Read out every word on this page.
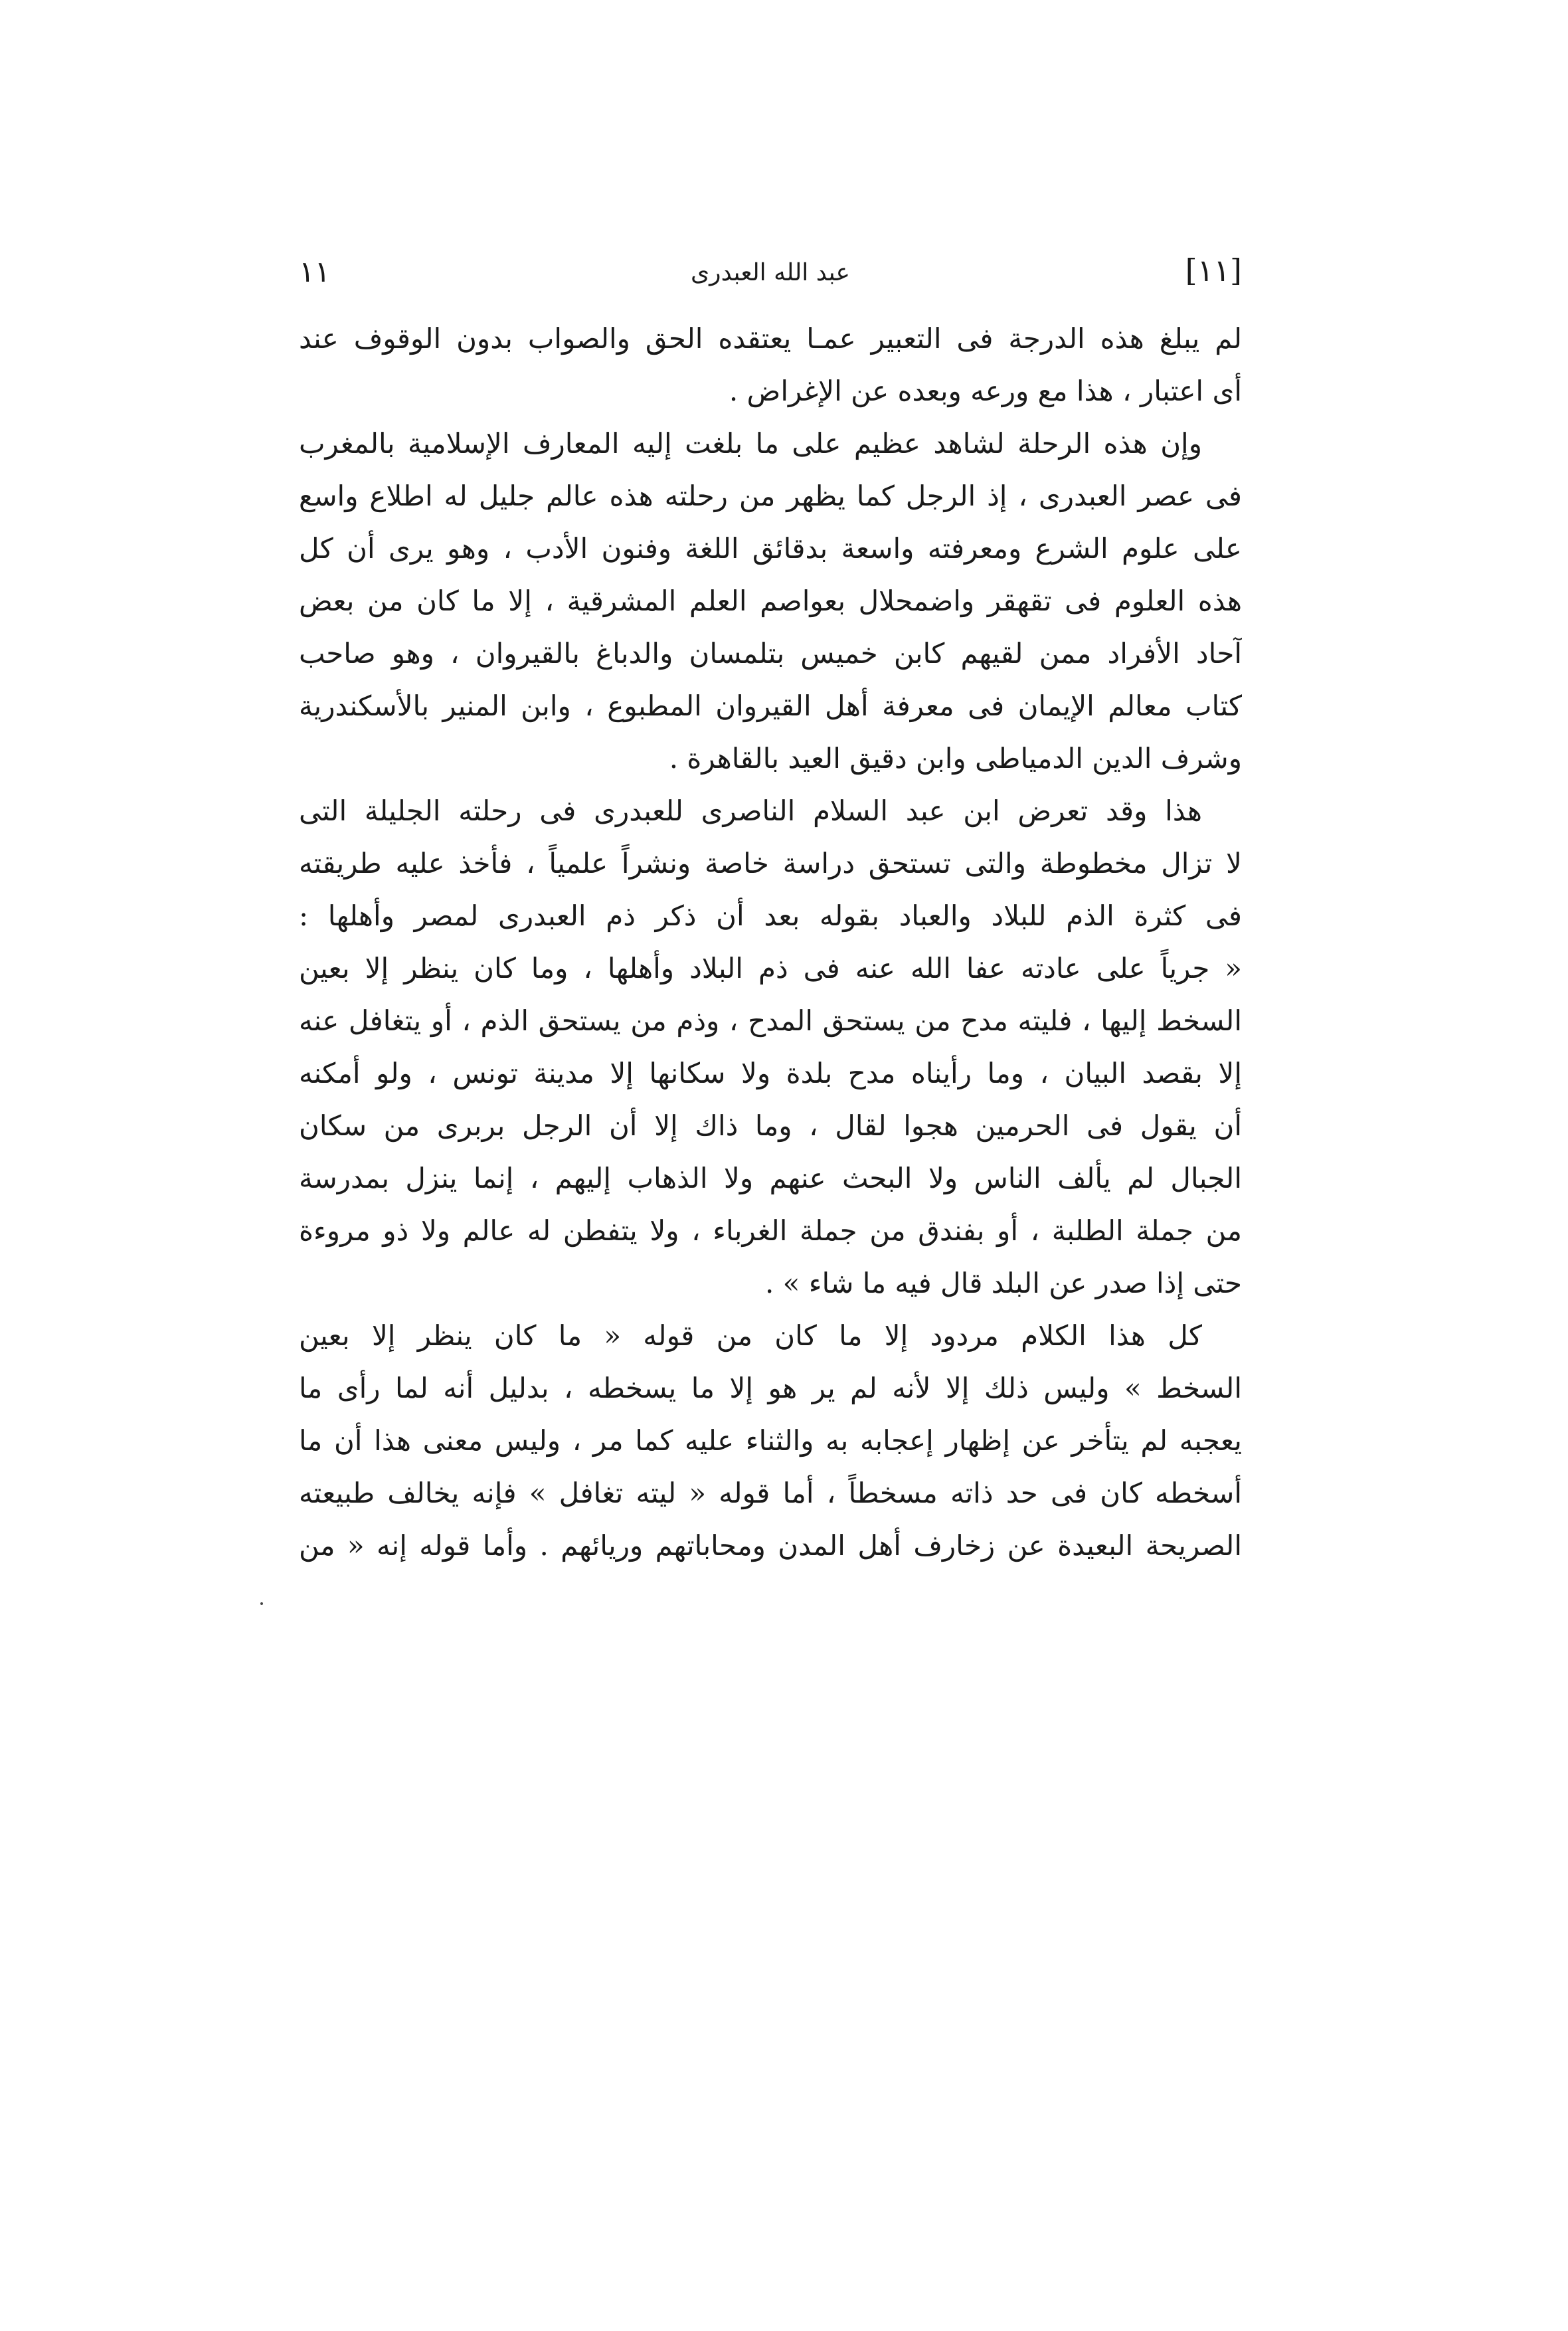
[١١]
عبد الله العبدرى
١١
لم يبلغ هذه الدرجة فى التعبير عمـا يعتقده الحق والصواب بدون الوقوف عند
أى اعتبار ، هذا مع ورعه وبعده عن الإغراض .
وإن هذه الرحلة لشاهد عظيم على ما بلغت إليه المعارف الإسلامية بالمغرب
فى عصر العبدرى ، إذ الرجل كما يظهر من رحلته هذه عالم جليل له اطلاع واسع
على علوم الشرع ومعرفته واسعة بدقائق اللغة وفنون الأدب ، وهو يرى أن كل
هذه العلوم فى تقهقر واضمحلال بعواصم العلم المشرقية ، إلا ما كان من بعض
آحاد الأفراد ممن لقيهم كابن خميس بتلمسان والدباغ بالقيروان ، وهو صاحب
كتاب معالم الإيمان فى معرفة أهل القيروان المطبوع ، وابن المنير بالأسكندرية
وشرف الدين الدمياطى وابن دقيق العيد بالقاهرة .
هذا وقد تعرض ابن عبد السلام الناصرى للعبدرى فى رحلته الجليلة التى
لا تزال مخطوطة والتى تستحق دراسة خاصة ونشراً علمياً ، فأخذ عليه طريقته
فى كثرة الذم للبلاد والعباد بقوله بعد أن ذكر ذم العبدرى لمصر وأهلها :
« جرياً على عادته عفا الله عنه فى ذم البلاد وأهلها ، وما كان ينظر إلا بعين
السخط إليها ، فليته مدح من يستحق المدح ، وذم من يستحق الذم ، أو يتغافل عنه
إلا بقصد البيان ، وما رأيناه مدح بلدة ولا سكانها إلا مدينة تونس ، ولو أمكنه
أن يقول فى الحرمين هجوا لقال ، وما ذاك إلا أن الرجل بربرى من سكان
الجبال لم يألف الناس ولا البحث عنهم ولا الذهاب إليهم ، إنما ينزل بمدرسة
من جملة الطلبة ، أو بفندق من جملة الغرباء ، ولا يتفطن له عالم ولا ذو مروءة
حتى إذا صدر عن البلد قال فيه ما شاء » .
كل هذا الكلام مردود إلا ما كان من قوله « ما كان ينظر إلا بعين
السخط » وليس ذلك إلا لأنه لم ير هو إلا ما يسخطه ، بدليل أنه لما رأى ما
يعجبه لم يتأخر عن إظهار إعجابه به والثناء عليه كما مر ، وليس معنى هذا أن ما
أسخطه كان فى حد ذاته مسخطاً ، أما قوله « ليته تغافل » فإنه يخالف طبيعته
الصريحة البعيدة عن زخارف أهل المدن ومحاباتهم وريائهم . وأما قوله إنه « من
